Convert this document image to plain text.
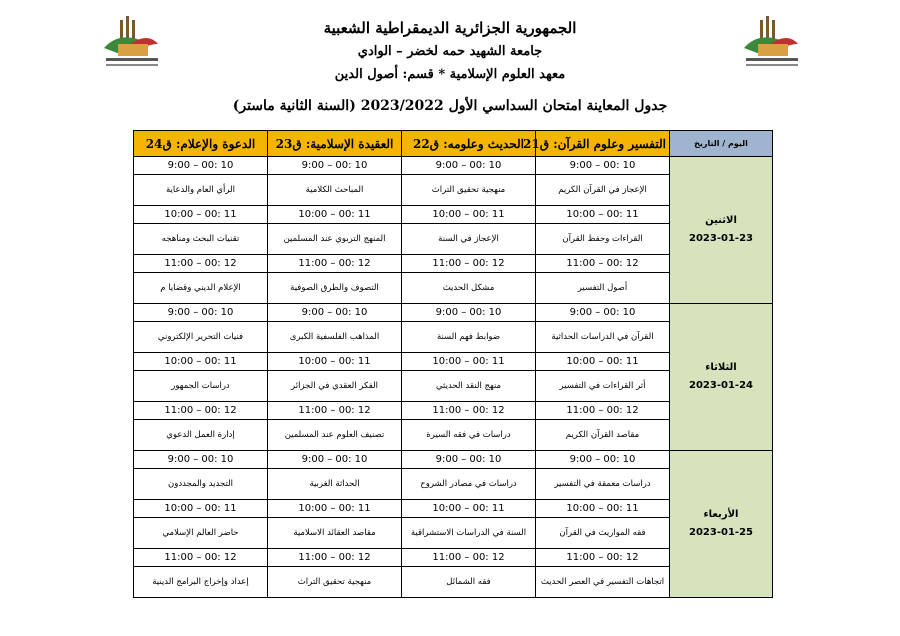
الجمهورية الجزائرية الديمقراطية الشعبية
جامعة الشهيد حمه لخضر – الوادي
معهد العلوم الإسلامية * قسم: أصول الدين
جدول المعاينة امتحان السداسي الأول 2023/2022 (السنة الثانية ماستر)
اليوم / التاريخ	التفسير وعلوم القرآن: ق21	الحديث وعلومه: ق22	العقيدة الإسلامية: ق23	الدعوة والإعلام: ق24

الاثنين
2023-01-23	9:00 – 00: 10	9:00 – 00: 10	9:00 – 00: 10	9:00 – 00: 10
	الإعجاز في القرآن الكريم	منهجية تحقيق التراث	المباحث الكلامية	الرأي العام والدعاية
	10:00 – 00: 11	10:00 – 00: 11	10:00 – 00: 11	10:00 – 00: 11
	القراءات وحفظ القرآن	الإعجاز في السنة	المنهج التربوي عند المسلمين	تقنيات البحث ومناهجه
	11:00 – 00: 12	11:00 – 00: 12	11:00 – 00: 12	11:00 – 00: 12
	أصول التفسير	مشكل الحديث	التصوف والطرق الصوفية	الإعلام الديني وقضايا م

الثلاثاء
2023-01-24	9:00 – 00: 10	9:00 – 00: 10	9:00 – 00: 10	9:00 – 00: 10
	القرآن في الدراسات الحداثية	ضوابط فهم السنة	المذاهب الفلسفية الكبرى	فنيات التحرير الإلكتروني
	10:00 – 00: 11	10:00 – 00: 11	10:00 – 00: 11	10:00 – 00: 11
	أثر القراءات في التفسير	منهج النقد الحديثي	الفكر العقدي في الجزائر	دراسات الجمهور
	11:00 – 00: 12	11:00 – 00: 12	11:00 – 00: 12	11:00 – 00: 12
	مقاصد القرآن الكريم	دراسات في فقه السيرة	تصنيف العلوم عند المسلمين	إدارة العمل الدعوي

الأربعاء
2023-01-25	9:00 – 00: 10	9:00 – 00: 10	9:00 – 00: 10	9:00 – 00: 10
	دراسات معمقة في التفسير	دراسات في مصادر الشروح	الحداثة الغربية	التجديد والمجددون
	10:00 – 00: 11	10:00 – 00: 11	10:00 – 00: 11	10:00 – 00: 11
	فقه المواريث في القرآن	السنة في الدراسات الاستشراقية	مقاصد العقائد الاسلامية	حاضر العالم الإسلامي
	11:00 – 00: 12	11:00 – 00: 12	11:00 – 00: 12	11:00 – 00: 12
	اتجاهات التفسير في العصر الحديث	فقه الشمائل	منهجية تحقيق التراث	إعداد وإخراج البرامج الدينية
